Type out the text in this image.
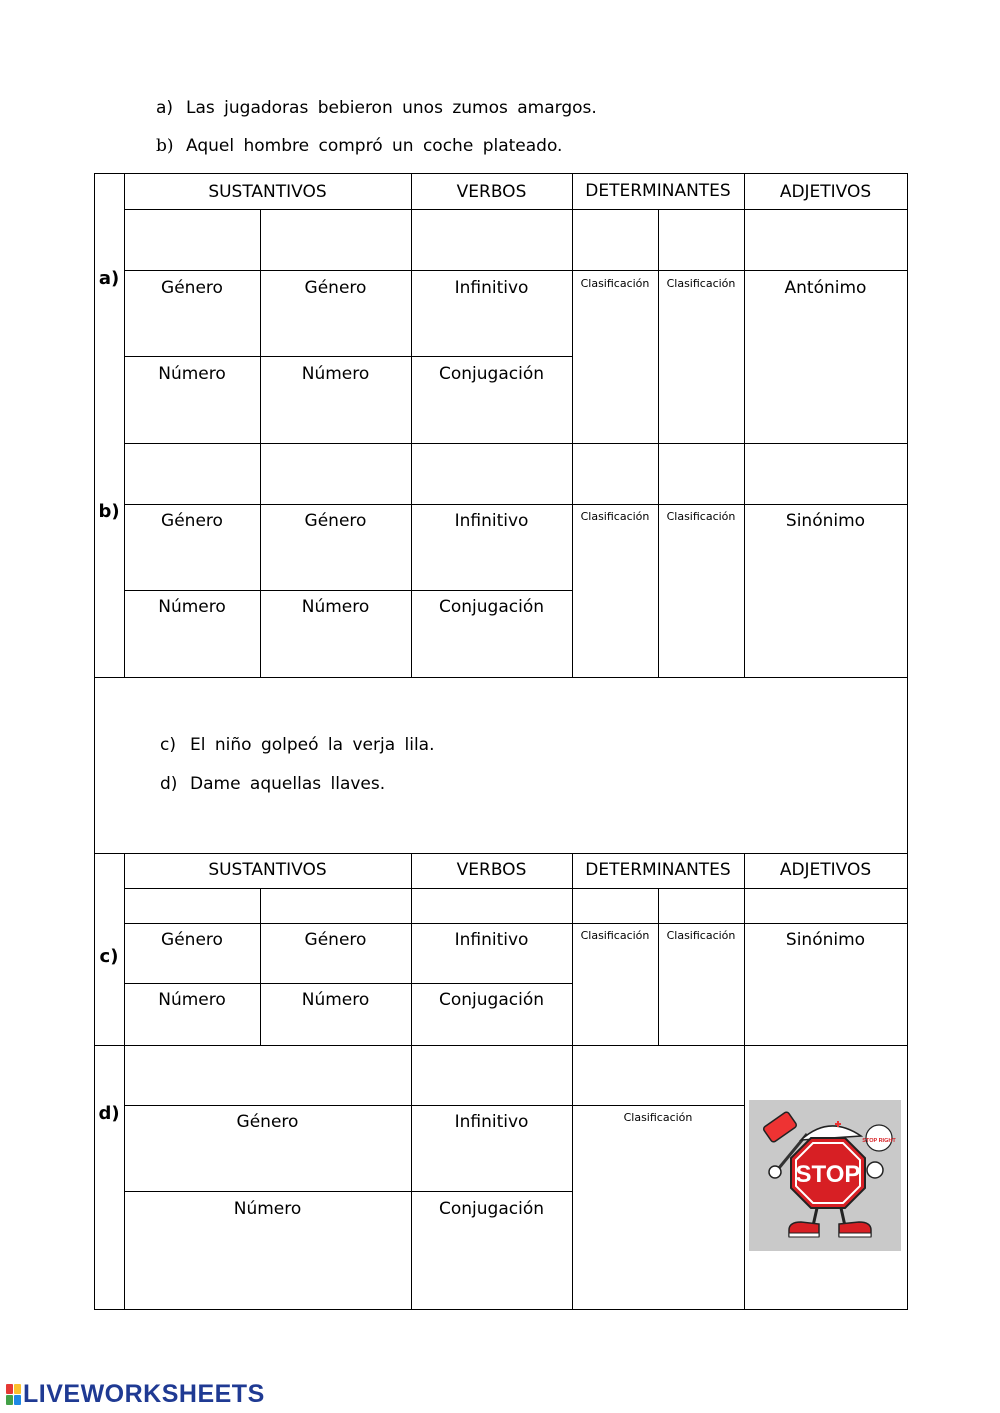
a) Las jugadoras bebieron unos zumos amargos.
b) Aquel hombre compró un coche plateado.
SUSTANTIVOS	VERBOS	DETERMINANTES	ADJETIVOS
a)	Género	Género	Infinitivo	Clasificación	Clasificación	Antónimo
Número	Número	Conjugación
b)	Género	Género	Infinitivo	Clasificación	Clasificación	Sinónimo
Número	Número	Conjugación
c) El niño golpeó la verja lila.
d) Dame aquellas llaves.
SUSTANTIVOS	VERBOS	DETERMINANTES	ADJETIVOS
c)
Género	Género	Infinitivo	Clasificación	Clasificación	Sinónimo
Número	Número	Conjugación
d)	Género	Infinitivo	Clasificación
Número	Conjugación
STOP
STOP RIGHT
LIVEWORKSHEETS
